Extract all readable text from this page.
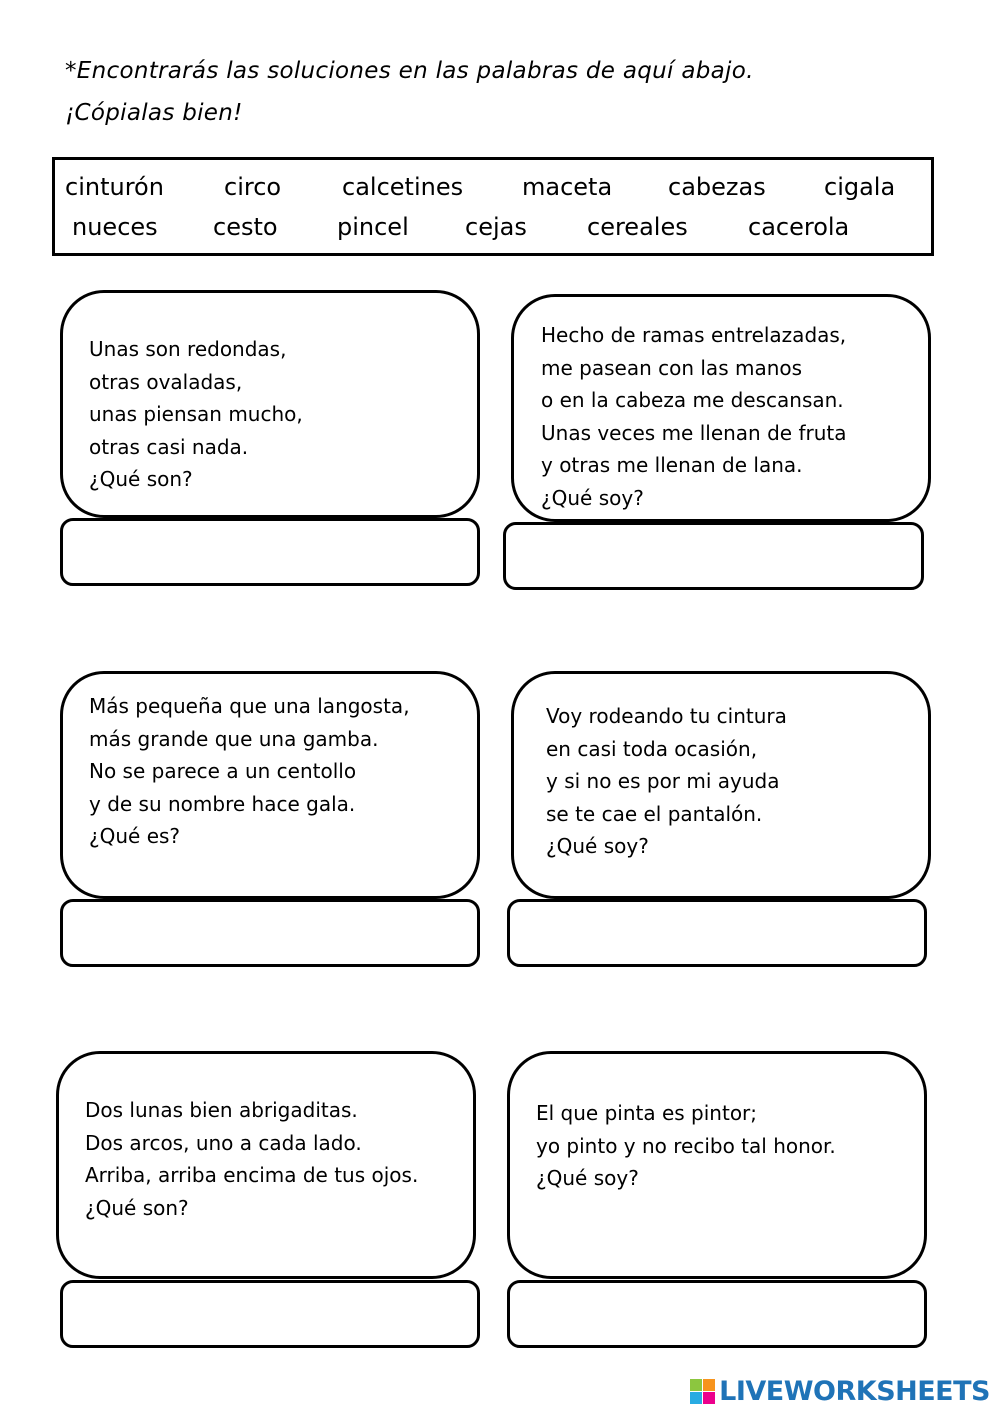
*Encontrarás las soluciones en las palabras de aquí abajo.
¡Cópialas bien!
cinturón	circo	calcetines maceta cabezas cigala
nueces cesto pincel cejas	cereales	cacerola

Unas son redondas,
otras ovaladas,
unas piensan mucho,
otras casi nada.
¿Qué son?

Hecho de ramas entrelazadas,
me pasean con las manos
o en la cabeza me descansan.
Unas veces me llenan de fruta
y otras me llenan de lana.
¿Qué soy?

Más pequeña que una langosta,
más grande que una gamba.
No se parece a un centollo
y de su nombre hace gala.
¿Qué es?

Voy rodeando tu cintura
en casi toda ocasión,
y si no es por mi ayuda
se te cae el pantalón.
¿Qué soy?

Dos lunas bien abrigaditas.
Dos arcos, uno a cada lado.
Arriba, arriba encima de tus ojos.
¿Qué son?

El que pinta es pintor;
yo pinto y no recibo tal honor.
¿Qué soy?

LIVEWORKSHEETS
